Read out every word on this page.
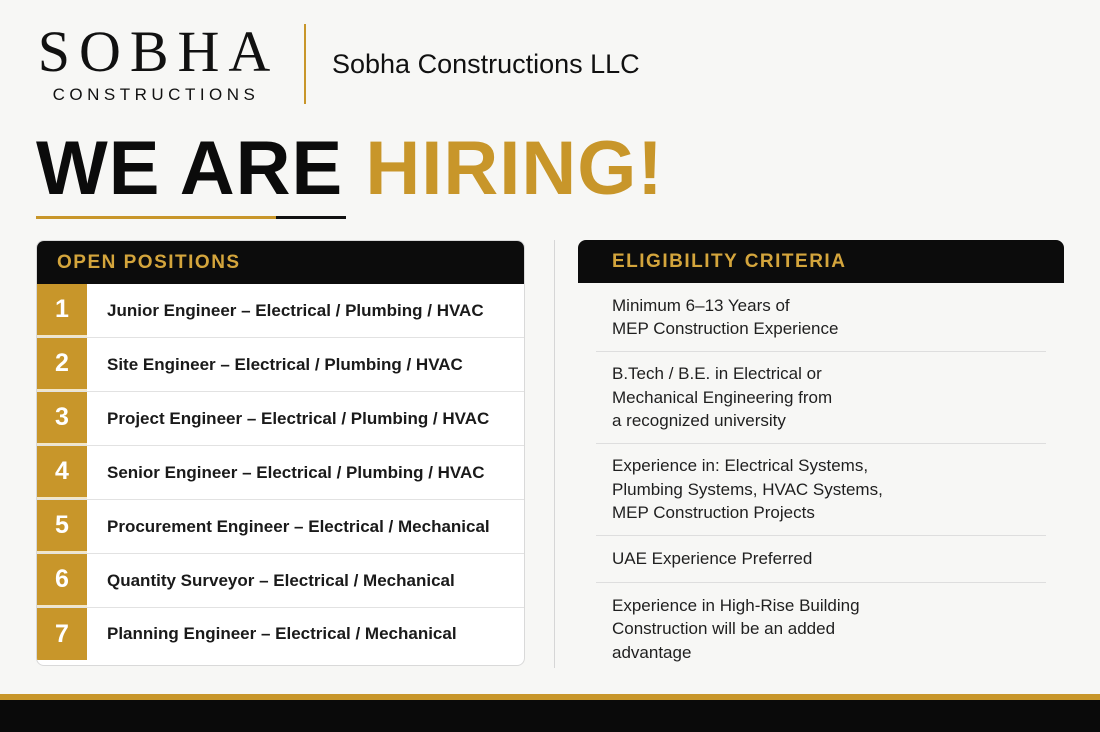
SOBHA
CONSTRUCTIONS
Sobha Constructions LLC
WE ARE HIRING!
OPEN POSITIONS
1	Junior Engineer – Electrical / Plumbing / HVAC
2	Site Engineer – Electrical / Plumbing / HVAC
3	Project Engineer – Electrical / Plumbing / HVAC
4	Senior Engineer – Electrical / Plumbing / HVAC
5	Procurement Engineer – Electrical / Mechanical
6	Quantity Surveyor – Electrical / Mechanical
7	Planning Engineer – Electrical / Mechanical
ELIGIBILITY CRITERIA
Minimum 6–13 Years of
MEP Construction Experience
B.Tech / B.E. in Electrical or
Mechanical Engineering from
a recognized university
Experience in: Electrical Systems,
Plumbing Systems, HVAC Systems,
MEP Construction Projects
UAE Experience Preferred
Experience in High-Rise Building
Construction will be an added
advantage
